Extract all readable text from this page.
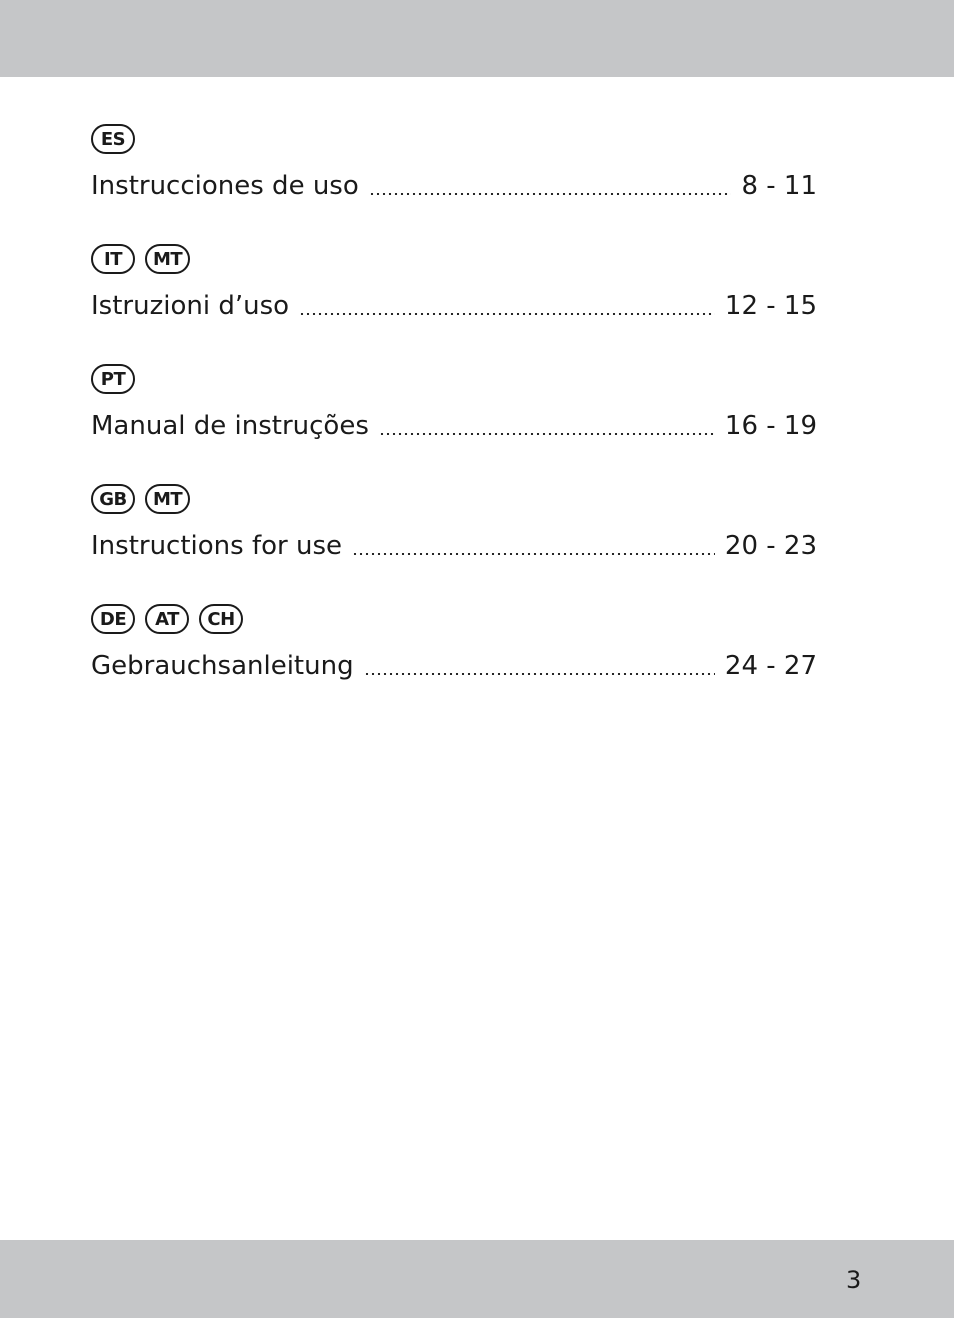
ES
Instrucciones de uso	8 - 11
IT	MT
Istruzioni d’uso	12 - 15
PT
Manual de instruções	16 - 19
GB	MT
Instructions for use	20 - 23
DE	AT	CH
Gebrauchsanleitung	24 - 27
3
